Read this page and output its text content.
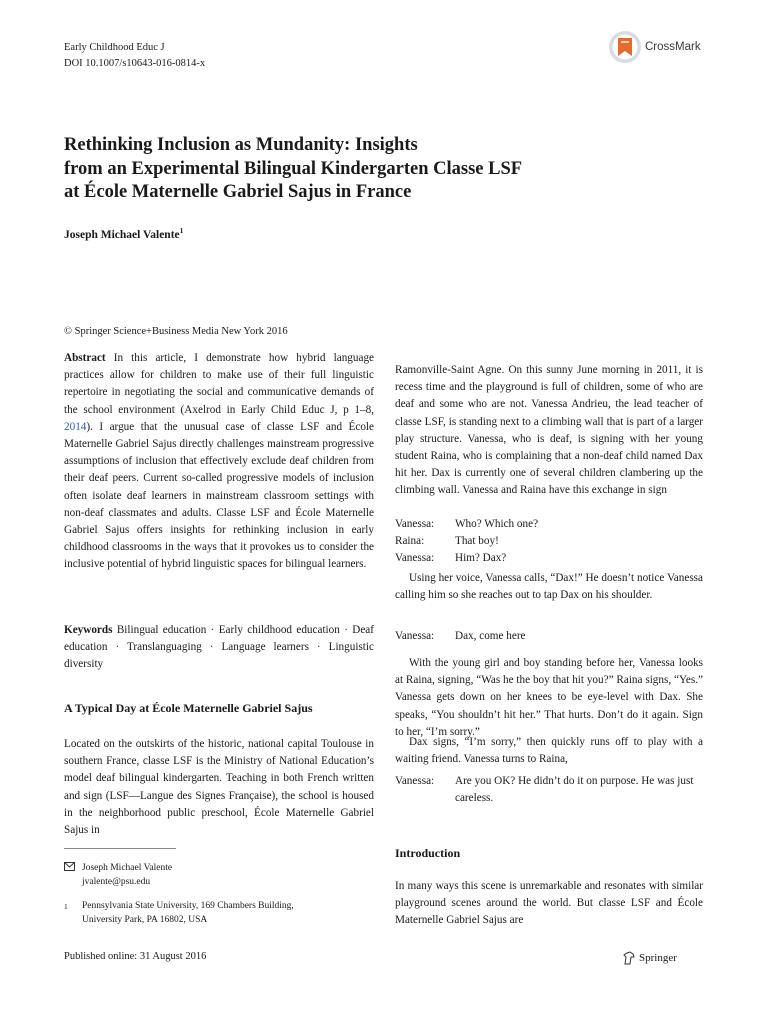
Early Childhood Educ J
DOI 10.1007/s10643-016-0814-x
CrossMark
Rethinking Inclusion as Mundanity: Insights
from an Experimental Bilingual Kindergarten Classe LSF
at École Maternelle Gabriel Sajus in France
Joseph Michael Valente$^1$
© Springer Science+Business Media New York 2016

Abstract In this article, I demonstrate how hybrid language practices allow for children to make use of their full linguistic repertoire in negotiating the social and communicative demands of the school environment (Axelrod in Early Child Educ J, p 1–8, 2014). I argue that the unusual case of classe LSF and École Maternelle Gabriel Sajus directly challenges mainstream progressive assumptions of inclusion that effectively exclude deaf children from their deaf peers. Current so-called progressive models of inclusion often isolate deaf learners in mainstream classroom settings with non-deaf classmates and adults. Classe LSF and École Maternelle Gabriel Sajus offers insights for rethinking inclusion in early childhood classrooms in the ways that it provokes us to consider the inclusive potential of hybrid linguistic spaces for bilingual learners.

Keywords Bilingual education · Early childhood education · Deaf education · Translanguaging · Language learners · Linguistic diversity

A Typical Day at École Maternelle Gabriel Sajus

Located on the outskirts of the historic, national capital Toulouse in southern France, classe LSF is the Ministry of National Education’s model deaf bilingual kindergarten. Teaching in both French written and sign (LSF—Langue des Signes Française), the school is housed in the neighborhood public preschool, École Maternelle Gabriel Sajus in

Ramonville-Saint Agne. On this sunny June morning in 2011, it is recess time and the playground is full of children, some of who are deaf and some who are not. Vanessa Andrieu, the lead teacher of classe LSF, is standing next to a climbing wall that is part of a larger play structure. Vanessa, who is deaf, is signing with her young student Raina, who is complaining that a non-deaf child named Dax hit her. Dax is currently one of several children clambering up the climbing wall. Vanessa and Raina have this exchange in sign

Vanessa:	Who? Which one?
Raina:	That boy!
Vanessa:	Him? Dax?

Using her voice, Vanessa calls, “Dax!” He doesn’t notice Vanessa calling him so she reaches out to tap Dax on his shoulder.

Vanessa:	Dax, come here

With the young girl and boy standing before her, Vanessa looks at Raina, signing, “Was he the boy that hit you?” Raina signs, “Yes.” Vanessa gets down on her knees to be eye-level with Dax. She speaks, “You shouldn’t hit her.” That hurts. Don’t do it again. Sign to her, “I’m sorry.”

Dax signs, “I’m sorry,” then quickly runs off to play with a waiting friend. Vanessa turns to Raina,

Vanessa:	Are you OK? He didn’t do it on purpose. He was just careless.
Introduction

In many ways this scene is unremarkable and resonates with similar playground scenes around the world. But classe LSF and École Maternelle Gabriel Sajus are

Joseph Michael Valente
jvalente@psu.edu
1	Pennsylvania State University, 169 Chambers Building,
University Park, PA 16802, USA
Published online: 31 August 2016	Springer
